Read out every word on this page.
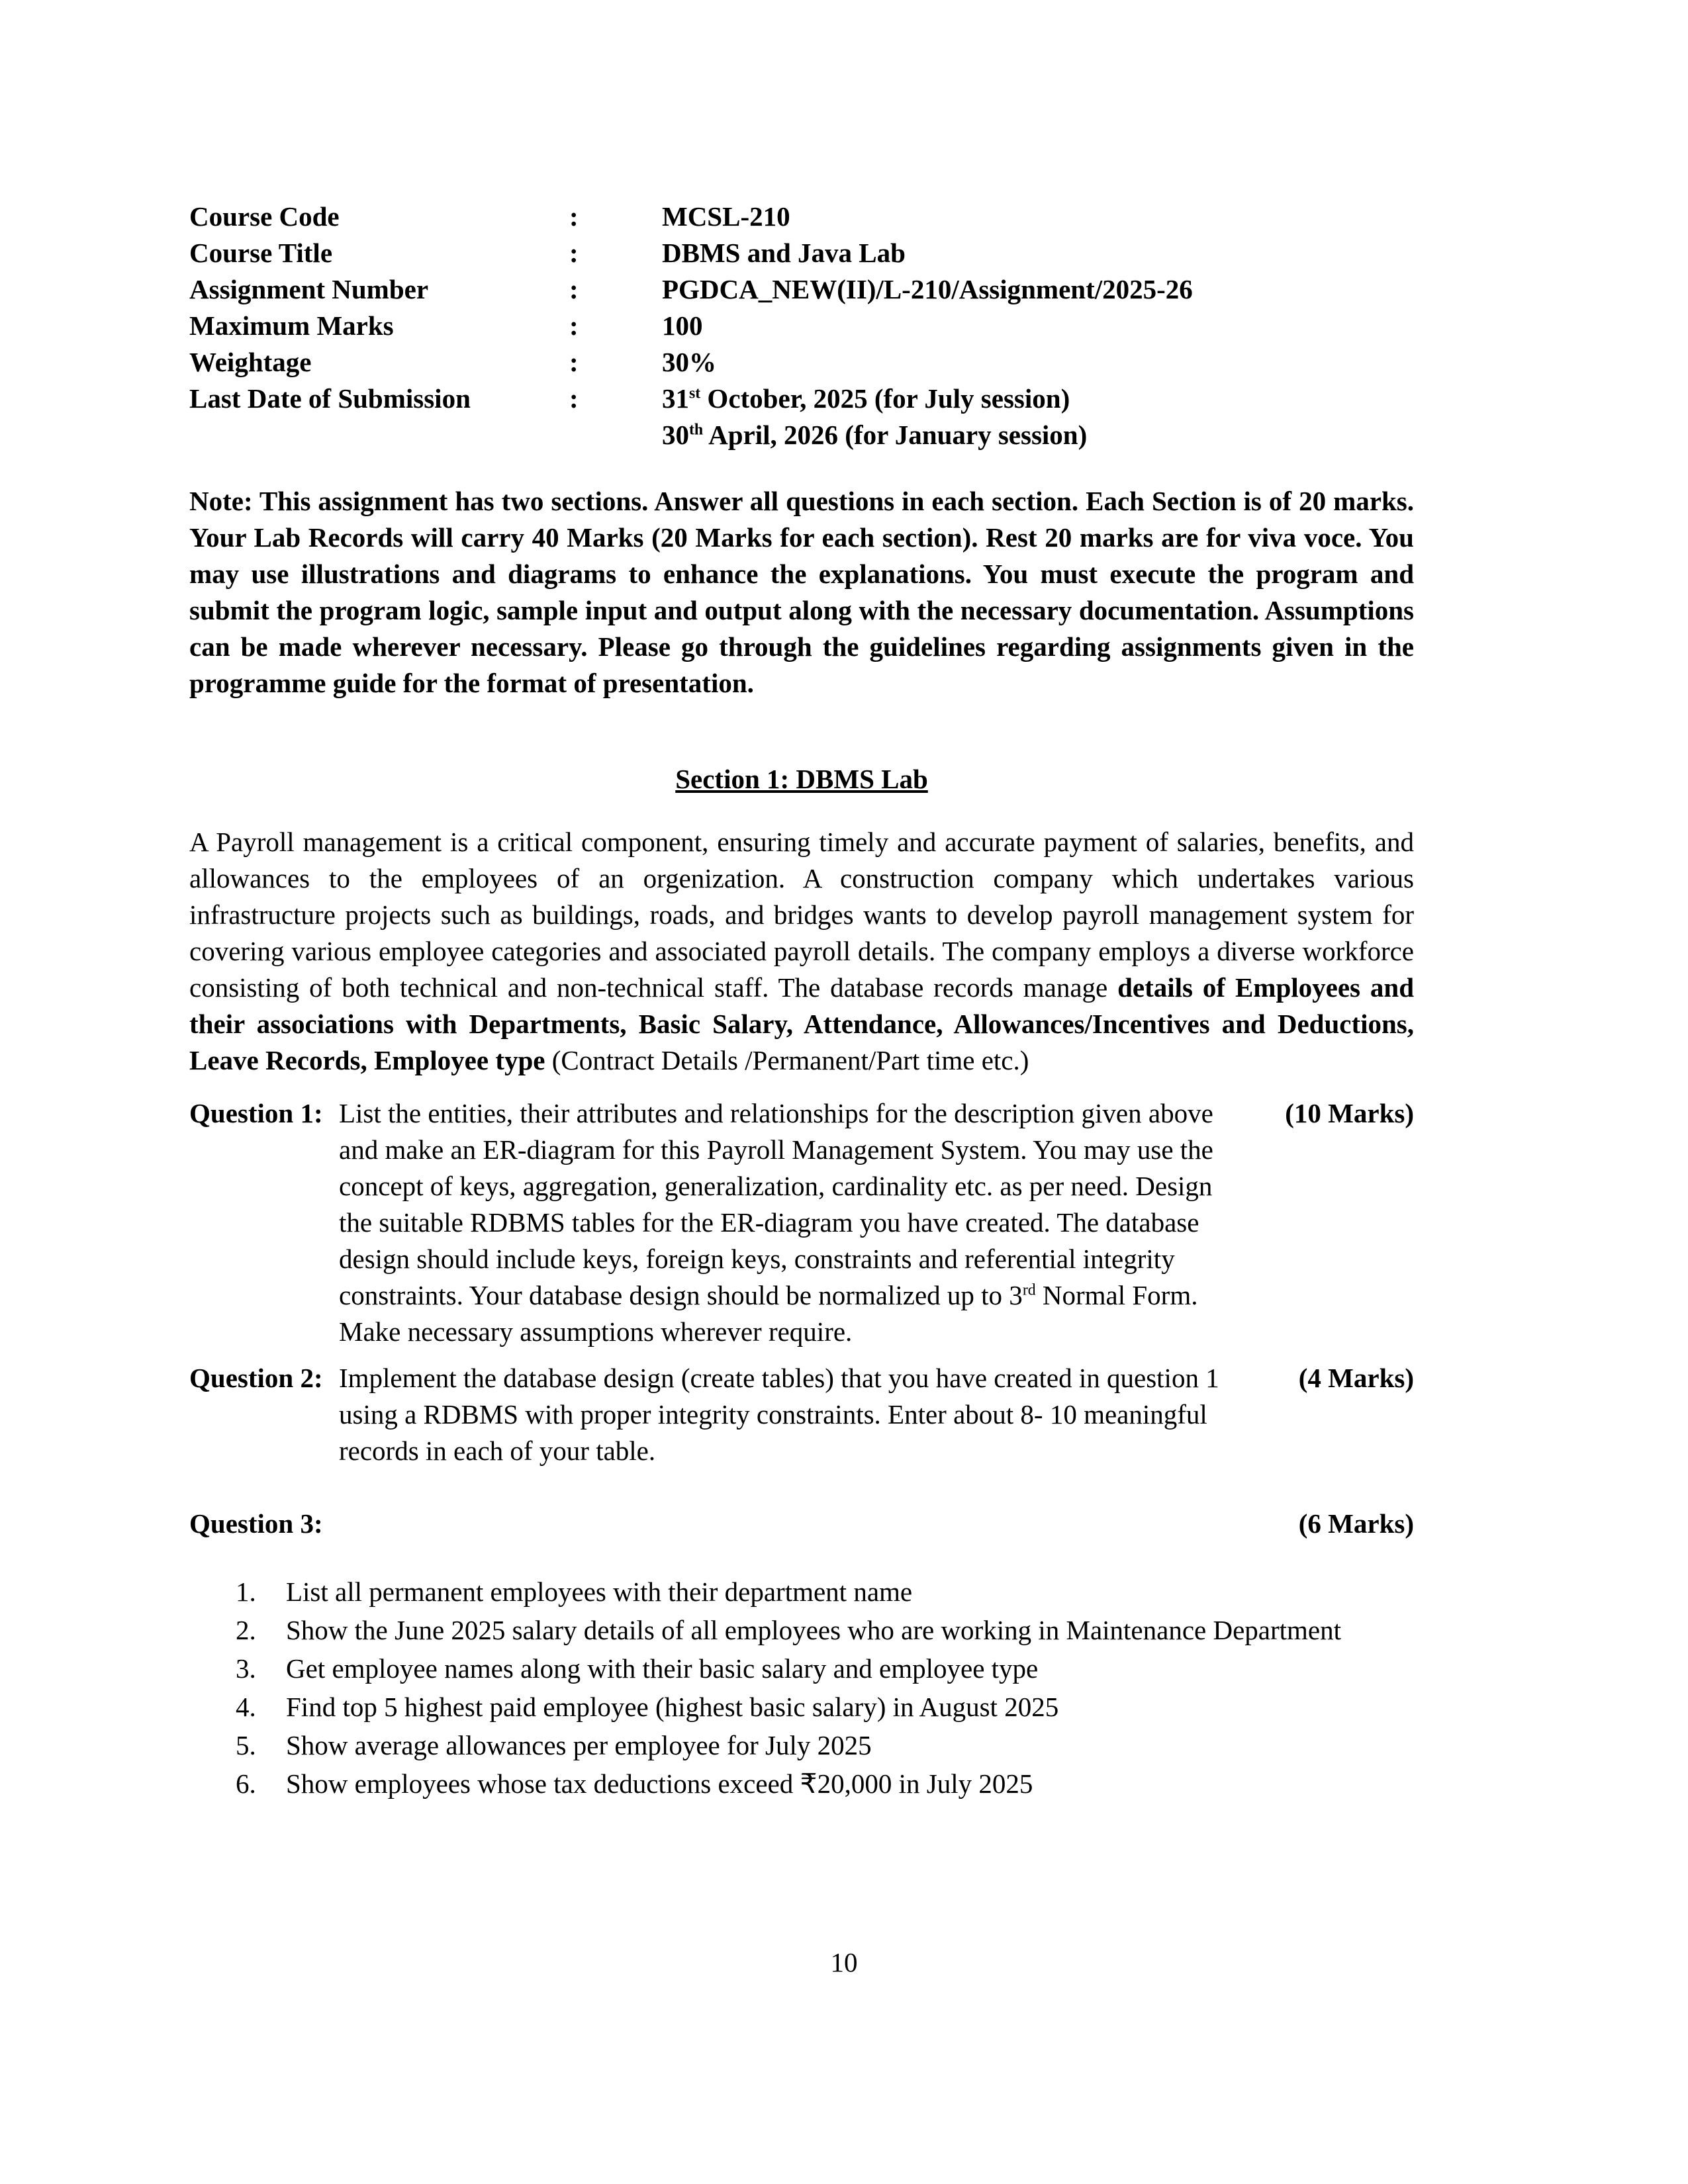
Course Code	:	MCSL-210
Course Title	:	DBMS and Java Lab
Assignment Number	:	PGDCA_NEW(II)/L-210/Assignment/2025-26
Maximum Marks	:	100
Weightage	:	30%
Last Date of Submission	:	31st October, 2025 (for July session)
30th April, 2026 (for January session)

Note: This assignment has two sections. Answer all questions in each section. Each Section is of 20 marks. Your Lab Records will carry 40 Marks (20 Marks for each section). Rest 20 marks are for viva voce. You may use illustrations and diagrams to enhance the explanations. You must execute the program and submit the program logic, sample input and output along with the necessary documentation. Assumptions can be made wherever necessary. Please go through the guidelines regarding assignments given in the programme guide for the format of presentation.

Section 1: DBMS Lab

A Payroll management is a critical component, ensuring timely and accurate payment of salaries, benefits, and allowances to the employees of an orgenization. A construction company which undertakes various infrastructure projects such as buildings, roads, and bridges wants to develop payroll management system for covering various employee categories and associated payroll details. The company employs a diverse workforce consisting of both technical and non-technical staff. The database records manage details of Employees and their associations with Departments, Basic Salary, Attendance, Allowances/Incentives and Deductions, Leave Records, Employee type (Contract Details /Permanent/Part time etc.)

Question 1: List the entities, their attributes and relationships for the description given above and make an ER-diagram for this Payroll Management System. You may use the concept of keys, aggregation, generalization, cardinality etc. as per need. Design the suitable RDBMS tables for the ER-diagram you have created. The database design should include keys, foreign keys, constraints and referential integrity constraints. Your database design should be normalized up to 3rd Normal Form. Make necessary assumptions wherever require.
(10 Marks)
Question 2: Implement the database design (create tables) that you have created in question 1 using a RDBMS with proper integrity constraints. Enter about 8- 10 meaningful records in each of your table.
(4 Marks)
Question 3:	(6 Marks)
1.	List all permanent employees with their department name
2.	Show the June 2025 salary details of all employees who are working in Maintenance Department
3.	Get employee names along with their basic salary and employee type
4.	Find top 5 highest paid employee (highest basic salary) in August 2025
5.	Show average allowances per employee for July 2025
6.	Show employees whose tax deductions exceed ₹20,000 in July 2025
10
